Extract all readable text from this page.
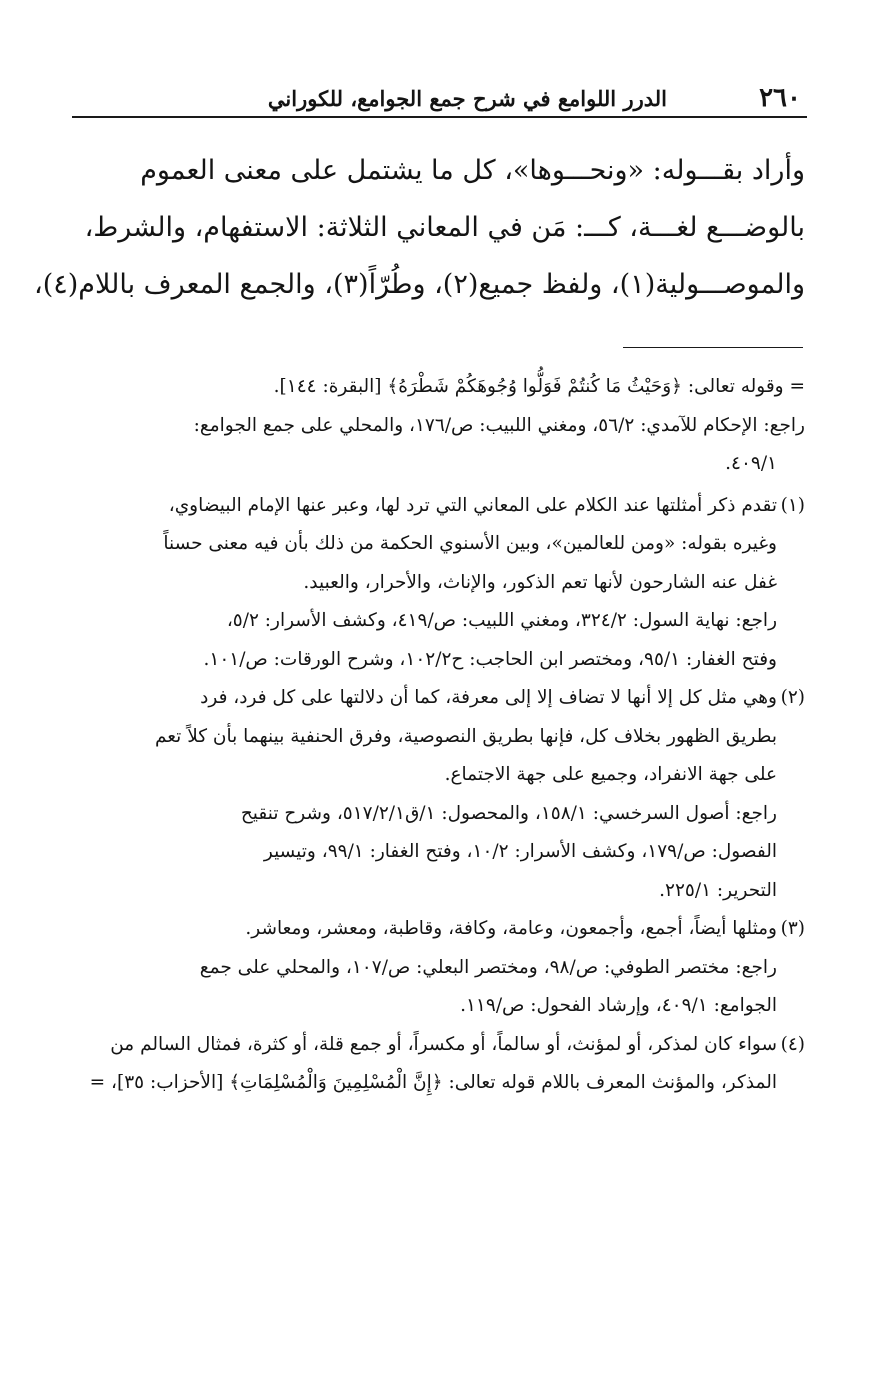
٢٦٠
الدرر اللوامع في شرح جمع الجوامع، للكوراني
وأراد بقـــوله: «ونحـــوها»، كل ما يشتمل على معنى العموم
بالوضـــع لغـــة، كـــ: مَن في المعاني الثلاثة: الاستفهام، والشرط،
والموصـــولية(١)، ولفظ جميع(٢)، وطُرّاً(٣)، والجمع المعرف باللام(٤)،
= وقوله تعالى: ﴿وَحَيْثُ مَا كُنتُمْ فَوَلُّوا وُجُوهَكُمْ شَطْرَهُ﴾ [البقرة: ١٤٤].
راجع: الإحكام للآمدي: ٥٦/٢، ومغني اللبيب: ص/١٧٦، والمحلي على جمع الجوامع:
٤٠٩/١.
(١)تقدم ذكر أمثلتها عند الكلام على المعاني التي ترد لها، وعبر عنها الإمام البيضاوي،
وغيره بقوله: «ومن للعالمين»، وبين الأسنوي الحكمة من ذلك بأن فيه معنى حسناً
غفل عنه الشارحون لأنها تعم الذكور، والإناث، والأحرار، والعبيد.
راجع: نهاية السول: ٣٢٤/٢، ومغني اللبيب: ص/٤١٩، وكشف الأسرار: ٥/٢،
وفتح الغفار: ٩٥/١، ومختصر ابن الحاجب: ح١٠٢/٢، وشرح الورقات: ص/١٠١.
(٢)وهي مثل كل إلا أنها لا تضاف إلا إلى معرفة، كما أن دلالتها على كل فرد، فرد
بطريق الظهور بخلاف كل، فإنها بطريق النصوصية، وفرق الحنفية بينهما بأن كلاً تعم
على جهة الانفراد، وجميع على جهة الاجتماع.
راجع: أصول السرخسي: ١٥٨/١، والمحصول: ١/ق٥١٧/٢/١، وشرح تنقيح
الفصول: ص/١٧٩، وكشف الأسرار: ١٠/٢، وفتح الغفار: ٩٩/١، وتيسير
التحرير: ٢٢٥/١.
(٣)ومثلها أيضاً، أجمع، وأجمعون، وعامة، وكافة، وقاطبة، ومعشر، ومعاشر.
راجع: مختصر الطوفي: ص/٩٨، ومختصر البعلي: ص/١٠٧، والمحلي على جمع
الجوامع: ٤٠٩/١، وإرشاد الفحول: ص/١١٩.
(٤)سواء كان لمذكر، أو لمؤنث، أو سالماً، أو مكسراً، أو جمع قلة، أو كثرة، فمثال السالم من
المذكر، والمؤنث المعرف باللام قوله تعالى: ﴿إِنَّ الْمُسْلِمِينَ وَالْمُسْلِمَاتِ﴾ [الأحزاب: ٣٥]، =
